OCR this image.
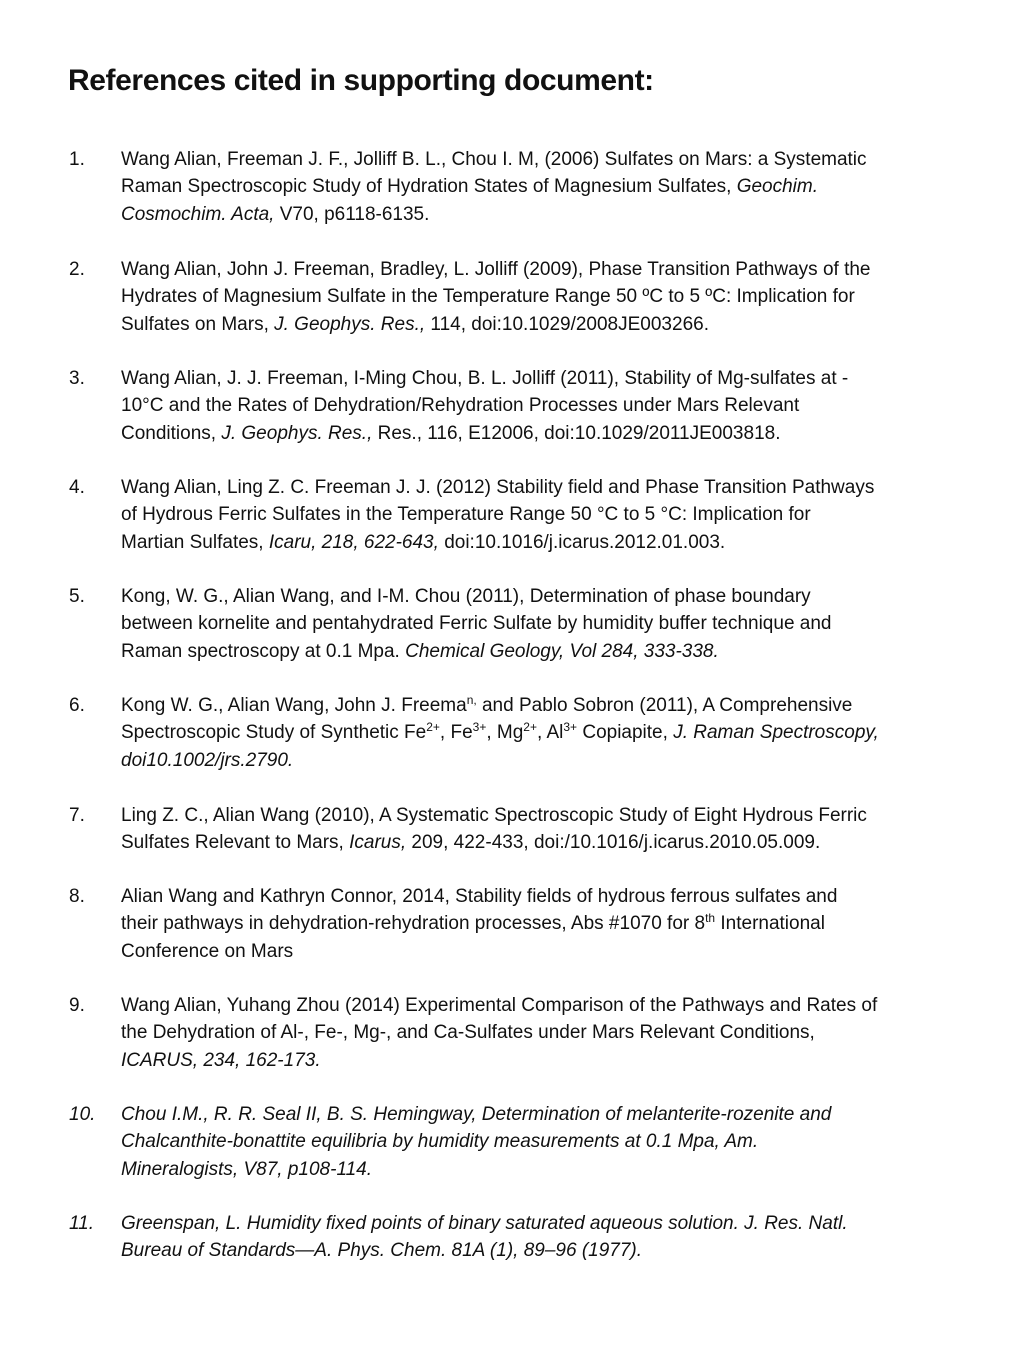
References cited in supporting document:
1. Wang Alian, Freeman J. F., Jolliff B. L., Chou I. M, (2006) Sulfates on Mars: a Systematic
Raman Spectroscopic Study of Hydration States of Magnesium Sulfates, Geochim.
Cosmochim. Acta, V70, p6118-6135.
2. Wang Alian, John J. Freeman, Bradley, L. Jolliff (2009), Phase Transition Pathways of the
Hydrates of Magnesium Sulfate in the Temperature Range 50 ºC to 5 ºC: Implication for
Sulfates on Mars, J. Geophys. Res., 114, doi:10.1029/2008JE003266.
3. Wang Alian, J. J. Freeman, I-Ming Chou, B. L. Jolliff (2011), Stability of Mg-sulfates at -
10°C and the Rates of Dehydration/Rehydration Processes under Mars Relevant
Conditions, J. Geophys. Res., Res., 116, E12006, doi:10.1029/2011JE003818.
4. Wang Alian, Ling Z. C. Freeman J. J. (2012) Stability field and Phase Transition Pathways
of Hydrous Ferric Sulfates in the Temperature Range 50 °C to 5 °C: Implication for
Martian Sulfates, Icaru, 218, 622-643, doi:10.1016/j.icarus.2012.01.003.
5. Kong, W. G., Alian Wang, and I-M. Chou (2011), Determination of phase boundary
between kornelite and pentahydrated Ferric Sulfate by humidity buffer technique and
Raman spectroscopy at 0.1 Mpa. Chemical Geology, Vol 284, 333-338.
6. Kong W. G., Alian Wang, John J. Freema$^{n,}$ and Pablo Sobron (2011), A Comprehensive
Spectroscopic Study of Synthetic $Fe^{2+}$, $Fe^{3+}$, $Mg^{2+}$, $Al^{3+}$ Copiapite, J. Raman Spectroscopy,
doi10.1002/jrs.2790.
7. Ling Z. C., Alian Wang (2010), A Systematic Spectroscopic Study of Eight Hydrous Ferric
Sulfates Relevant to Mars, Icarus, 209, 422-433, doi:/10.1016/j.icarus.2010.05.009.
8. Alian Wang and Kathryn Connor, 2014, Stability fields of hydrous ferrous sulfates and
their pathways in dehydration-rehydration processes, Abs #1070 for 8th International
Conference on Mars
9. Wang Alian, Yuhang Zhou (2014) Experimental Comparison of the Pathways and Rates of
the Dehydration of Al-, Fe-, Mg-, and Ca-Sulfates under Mars Relevant Conditions,
ICARUS, 234, 162-173.
10. Chou I.M., R. R. Seal II, B. S. Hemingway, Determination of melanterite-rozenite and
Chalcanthite-bonattite equilibria by humidity measurements at 0.1 Mpa, Am.
Mineralogists, V87, p108-114.
11. Greenspan, L. Humidity fixed points of binary saturated aqueous solution. J. Res. Natl.
Bureau of Standards—A. Phys. Chem. 81A (1), 89–96 (1977).
